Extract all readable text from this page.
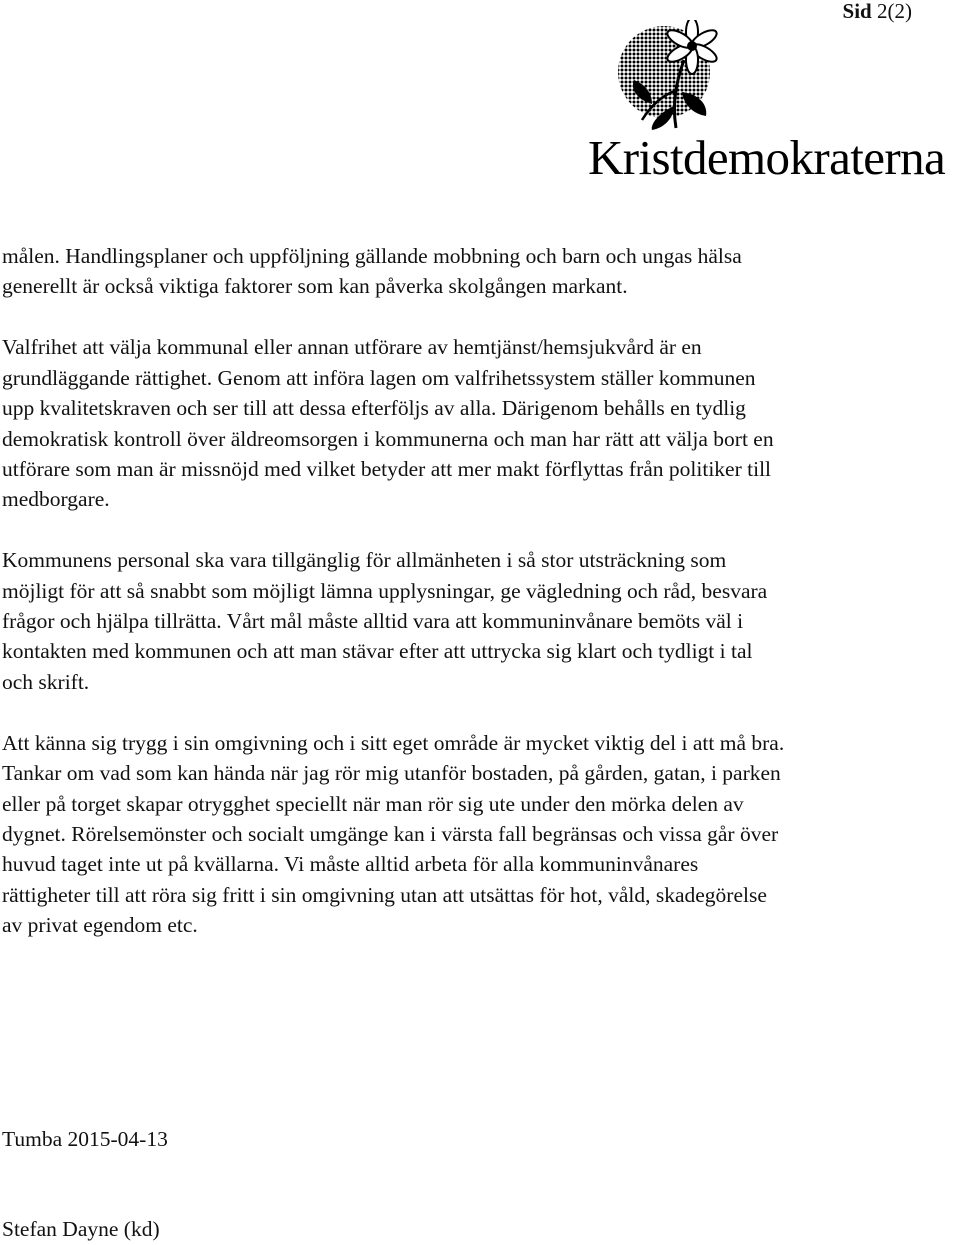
Sid 2(2)
Kristdemokraterna

målen. Handlingsplaner och uppföljning gällande mobbning och barn och ungas hälsa
generellt är också viktiga faktorer som kan påverka skolgången markant.

Valfrihet att välja kommunal eller annan utförare av hemtjänst/hemsjukvård är en
grundläggande rättighet. Genom att införa lagen om valfrihetssystem ställer kommunen
upp kvalitetskraven och ser till att dessa efterföljs av alla. Därigenom behålls en tydlig
demokratisk kontroll över äldreomsorgen i kommunerna och man har rätt att välja bort en
utförare som man är missnöjd med vilket betyder att mer makt förflyttas från politiker till
medborgare.

Kommunens personal ska vara tillgänglig för allmänheten i så stor utsträckning som
möjligt för att så snabbt som möjligt lämna upplysningar, ge vägledning och råd, besvara
frågor och hjälpa tillrätta. Vårt mål måste alltid vara att kommuninvånare bemöts väl i
kontakten med kommunen och att man stävar efter att uttrycka sig klart och tydligt i tal
och skrift.

Att känna sig trygg i sin omgivning och i sitt eget område är mycket viktig del i att må bra.
Tankar om vad som kan hända när jag rör mig utanför bostaden, på gården, gatan, i parken
eller på torget skapar otrygghet speciellt när man rör sig ute under den mörka delen av
dygnet. Rörelsemönster och socialt umgänge kan i värsta fall begränsas och vissa går över
huvud taget inte ut på kvällarna. Vi måste alltid arbeta för alla kommuninvånares
rättigheter till att röra sig fritt i sin omgivning utan att utsättas för hot, våld, skadegörelse
av privat egendom etc.

Tumba 2015-04-13
Stefan Dayne (kd)
